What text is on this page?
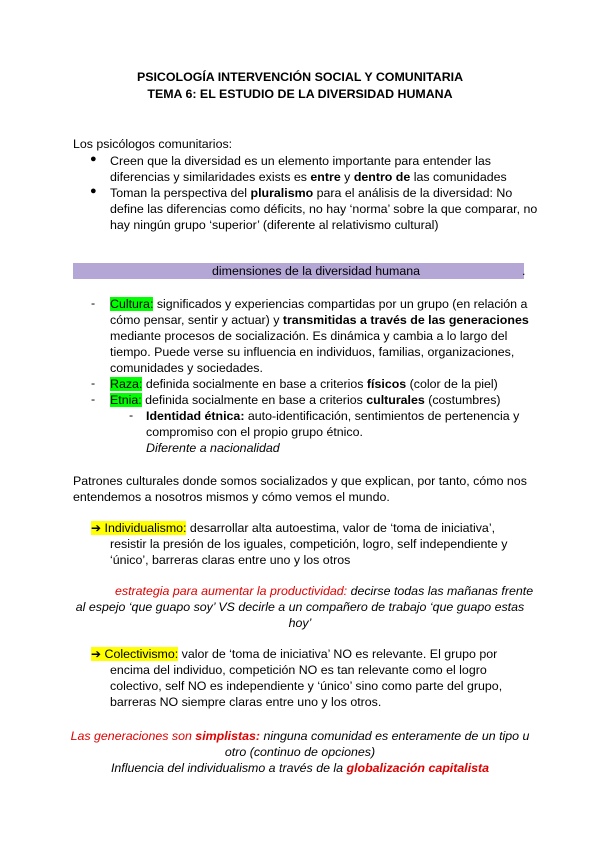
PSICOLOGÍA INTERVENCIÓN SOCIAL Y COMUNITARIA
TEMA 6: EL ESTUDIO DE LA DIVERSIDAD HUMANA
Los psicólogos comunitarios:
● Creen que la diversidad es un elemento importante para entender las
diferencias y similaridades exists es entre y dentro de las comunidades
● Toman la perspectiva del pluralismo para el análisis de la diversidad: No
define las diferencias como déficits, no hay ‘norma’ sobre la que comparar, no
hay ningún grupo ‘superior’ (diferente al relativismo cultural)
dimensiones de la diversidad humana	.
- Cultura: significados y experiencias compartidas por un grupo (en relación a
cómo pensar, sentir y actuar) y transmitidas a través de las generaciones
mediante procesos de socialización. Es dinámica y cambia a lo largo del
tiempo. Puede verse su influencia en individuos, familias, organizaciones,
comunidades y sociedades.
- Raza: definida socialmente en base a criterios físicos (color de la piel)
- Etnia: definida socialmente en base a criterios culturales (costumbres)
- Identidad étnica: auto-identificación, sentimientos de pertenencia y
compromiso con el propio grupo étnico.
Diferente a nacionalidad
Patrones culturales donde somos socializados y que explican, por tanto, cómo nos
entendemos a nosotros mismos y cómo vemos el mundo.
➔ Individualismo: desarrollar alta autoestima, valor de ‘toma de iniciativa’,
resistir la presión de los iguales, competición, logro, self independiente y
‘único’, barreras claras entre uno y los otros
estrategia para aumentar la productividad: decirse todas las mañanas frente
al espejo ‘que guapo soy’ VS decirle a un compañero de trabajo ‘que guapo estas
hoy’
➔ Colectivismo: valor de ‘toma de iniciativa’ NO es relevante. El grupo por
encima del individuo, competición NO es tan relevante como el logro
colectivo, self NO es independiente y ‘único’ sino como parte del grupo,
barreras NO siempre claras entre uno y los otros.
Las generaciones son simplistas: ninguna comunidad es enteramente de un tipo u
otro (continuo de opciones)
Influencia del individualismo a través de la globalización capitalista
